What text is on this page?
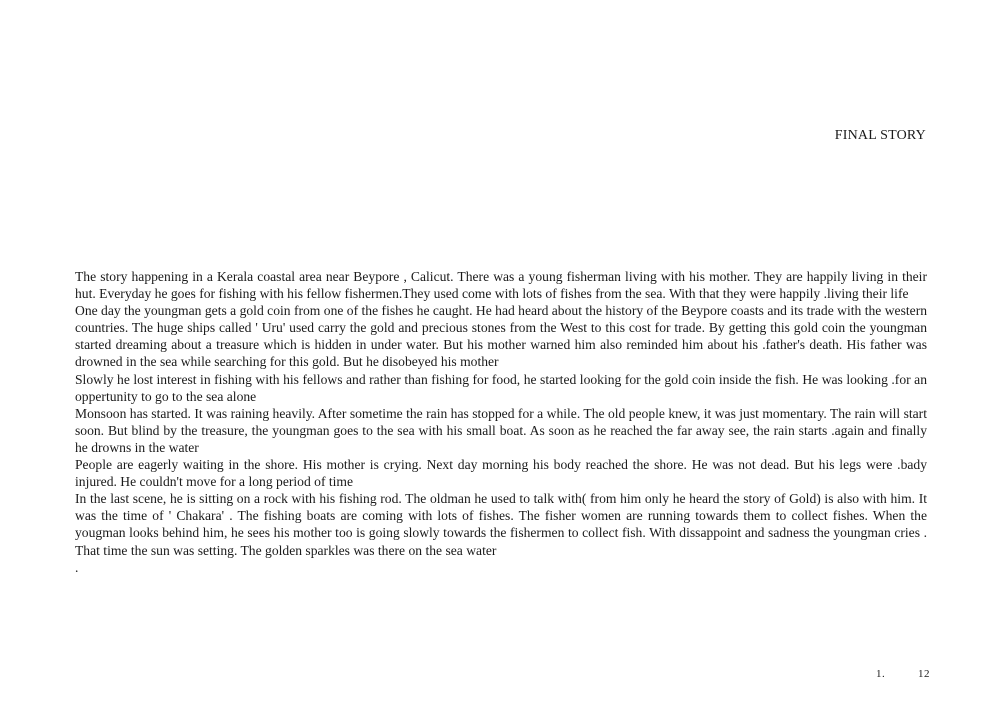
FINAL STORY
The story happening in a Kerala coastal area near Beypore , Calicut. There was a young fisherman living with his mother. They are happily living in their hut. Everyday he goes for fishing with his fellow fishermen.They used come with lots of fishes from the sea. With that they were happily .living their life
One day the youngman gets a gold coin from one of the fishes he caught. He had heard about the history of the Beypore coasts and its trade with the western countries. The huge ships called ' Uru' used carry the gold and precious stones from the West to this cost for trade. By getting this gold coin the youngman started dreaming about a treasure which is hidden in under water. But his mother warned him also reminded him about his .father's death. His father was drowned in the sea while searching for this gold. But he disobeyed his mother
Slowly he lost interest in fishing with his fellows and rather than fishing for food, he started looking for the gold coin inside the fish. He was looking .for an oppertunity to go to the sea alone
Monsoon has started. It was raining heavily. After sometime the rain has stopped for a while. The old people knew, it was just momentary. The rain will start soon. But blind by the treasure, the youngman goes to the sea with his small boat. As soon as he reached the far away see, the rain starts .again and finally he drowns in the water
People are eagerly waiting in the shore. His mother is crying. Next day morning his body reached the shore. He was not dead. But his legs were .bady injured. He couldn't move for a long period of time
In the last scene, he is sitting on a rock with his fishing rod. The oldman he used to talk with( from him only he heard the story of Gold) is also with him. It was the time of ' Chakara' . The fishing boats are coming with lots of fishes. The fisher women are running towards them to collect fishes. When the yougman looks behind him, he sees his mother too is going slowly towards the fishermen to collect fish. With dissappoint and sadness the youngman cries . That time the sun was setting. The golden sparkles was there on the sea water
.
1.	12
